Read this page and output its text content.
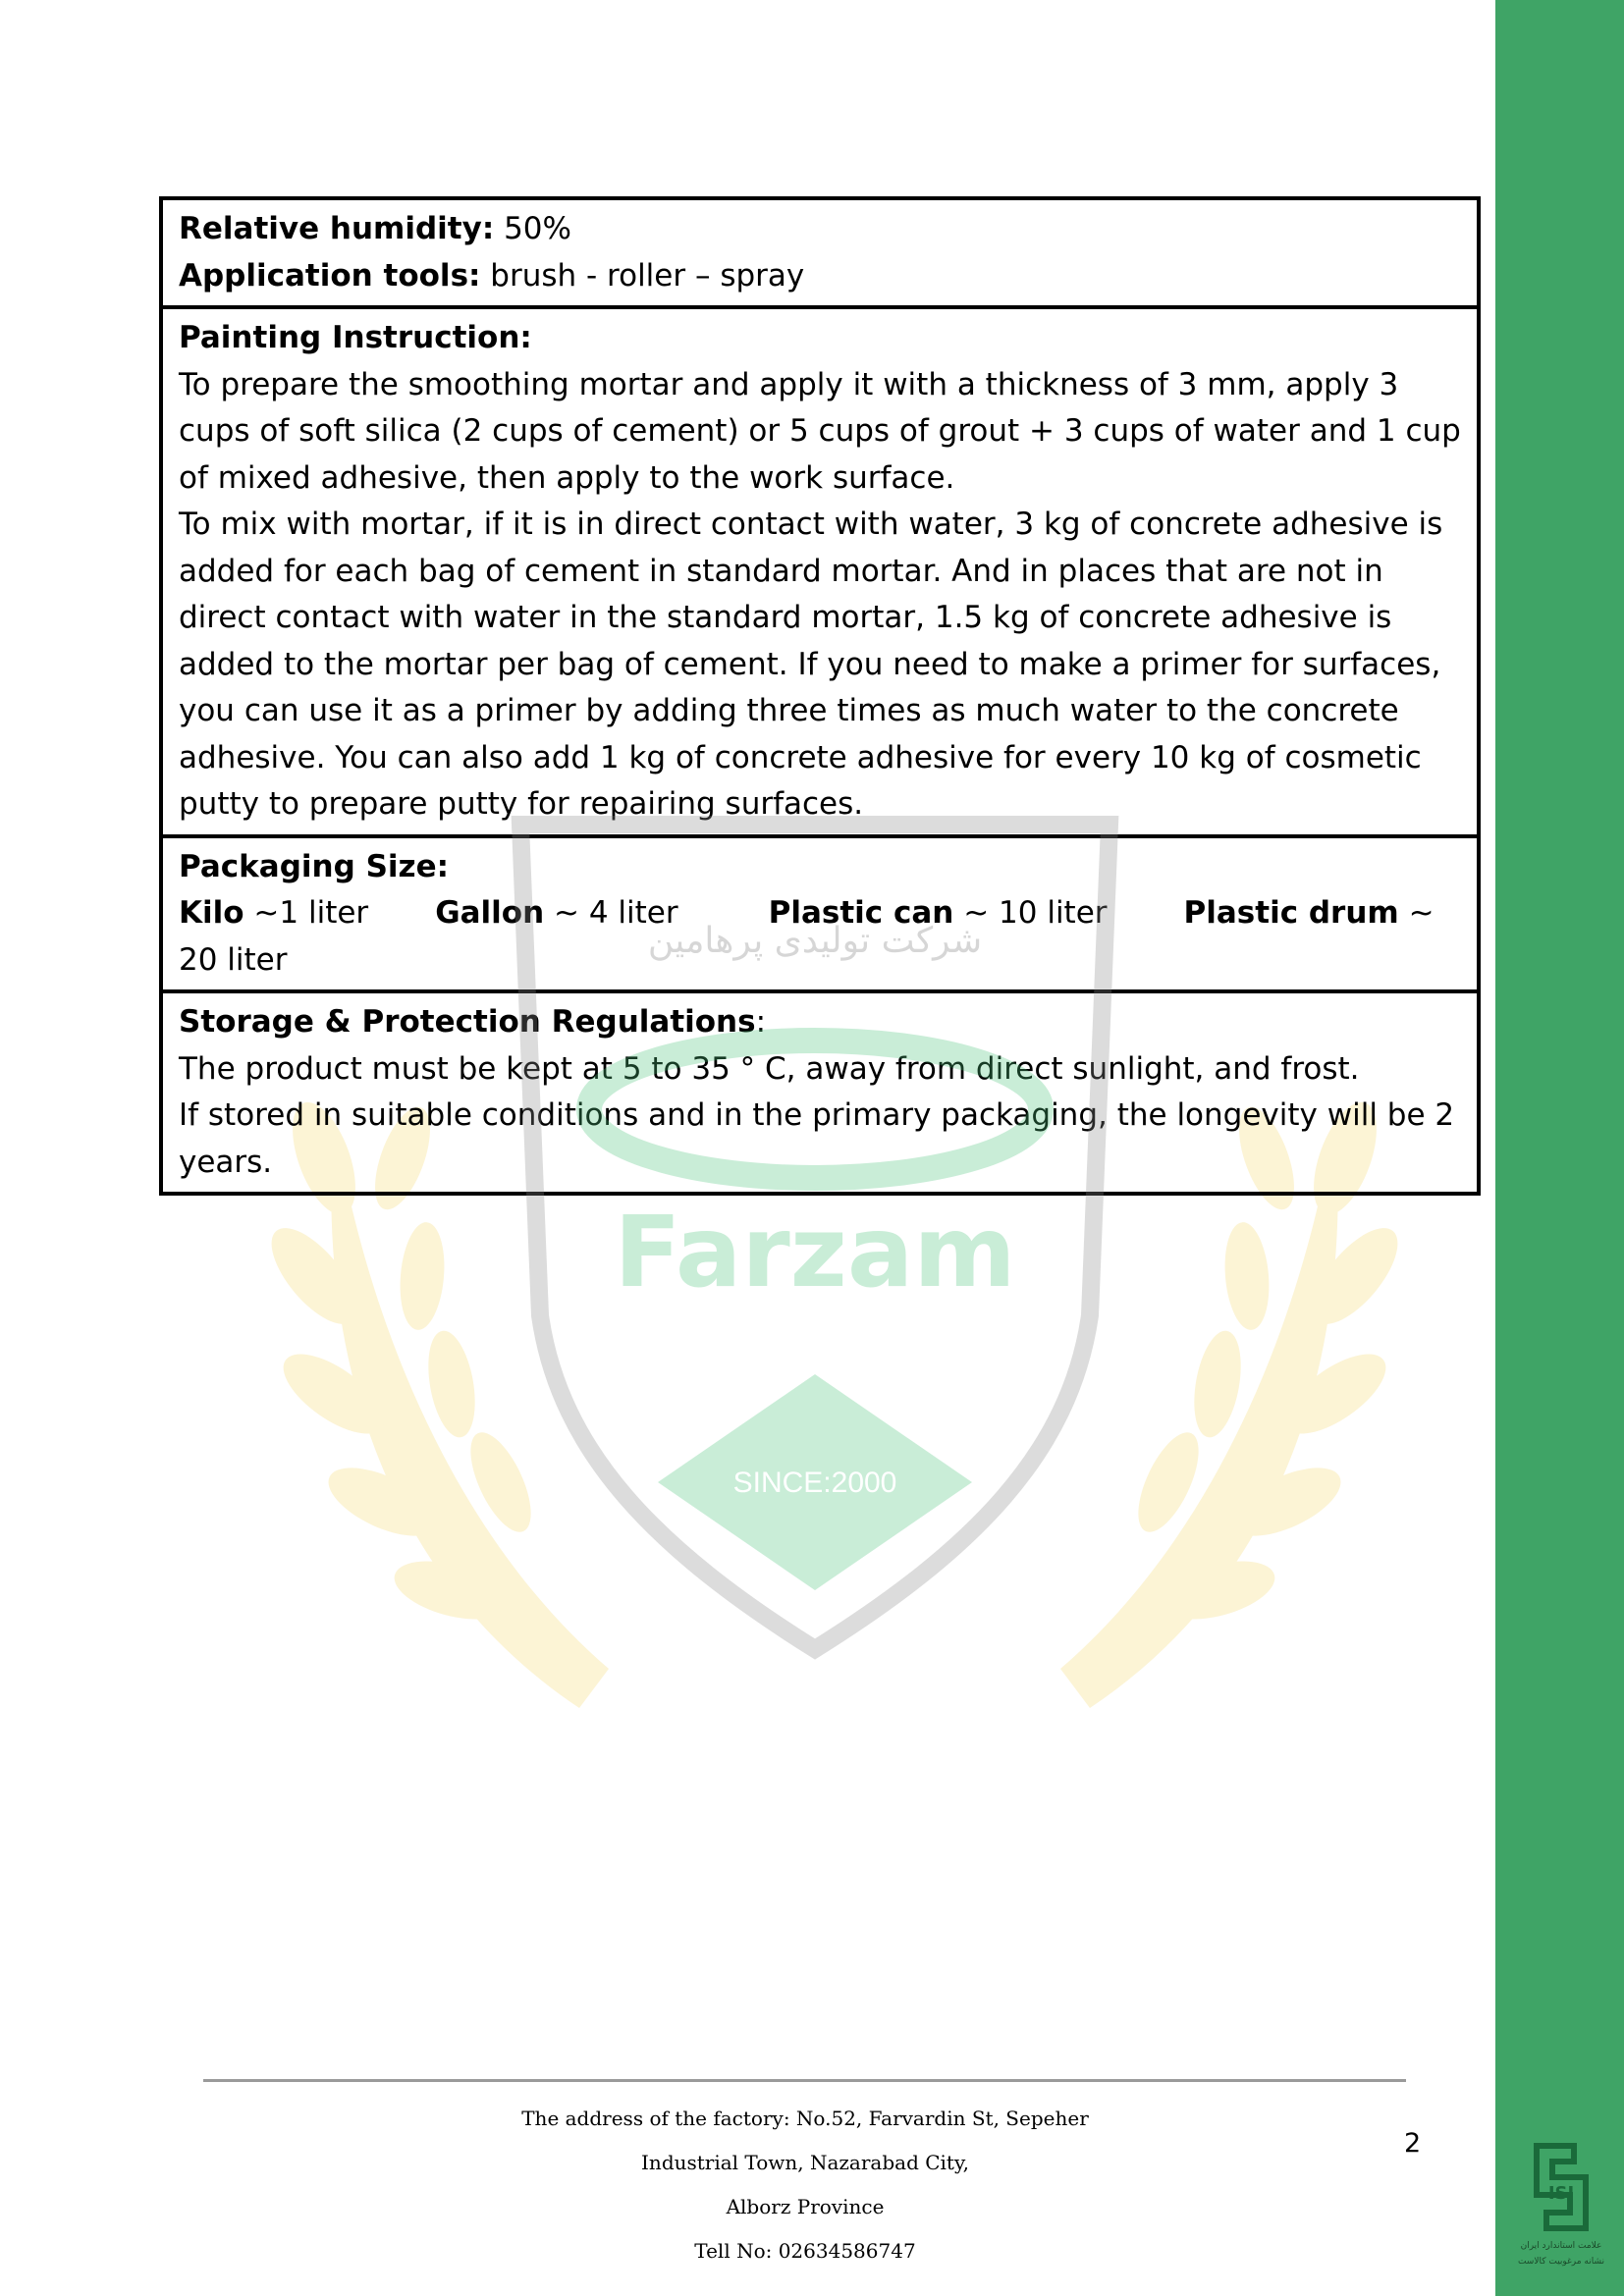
Relative humidity: 50%
Application tools: brush - roller – spray

Painting Instruction:
To prepare the smoothing mortar and apply it with a thickness of 3 mm, apply 3 cups of soft silica (2 cups of cement) or 5 cups of grout + 3 cups of water and 1 cup of mixed adhesive, then apply to the work surface.
To mix with mortar, if it is in direct contact with water, 3 kg of concrete adhesive is added for each bag of cement in standard mortar. And in places that are not in direct contact with water in the standard mortar, 1.5 kg of concrete adhesive is added to the mortar per bag of cement. If you need to make a primer for surfaces, you can use it as a primer by adding three times as much water to the concrete adhesive. You can also add 1 kg of concrete adhesive for every 10 kg of cosmetic putty to prepare putty for repairing surfaces.

Packaging Size:
Kilo ~1 liter Gallon ~ 4 liter	Plastic can ~ 10 liter	Plastic drum ~ 20 liter

Storage & Protection Regulations:
The product must be kept at 5 to 35 ° C, away from direct sunlight, and frost.
If stored in suitable conditions and in the primary packaging, the longevity will be 2 years.
شرکت تولیدی پرهامین
Farzam
SINCE:2000
The address of the factory: No.52, Farvardin St, Sepeher
Industrial Town, Nazarabad City,
Alborz Province
Tell No: 02634586747
2
ISI
علامت استاندارد ایران
نشانه مرغوبیت کالاست
